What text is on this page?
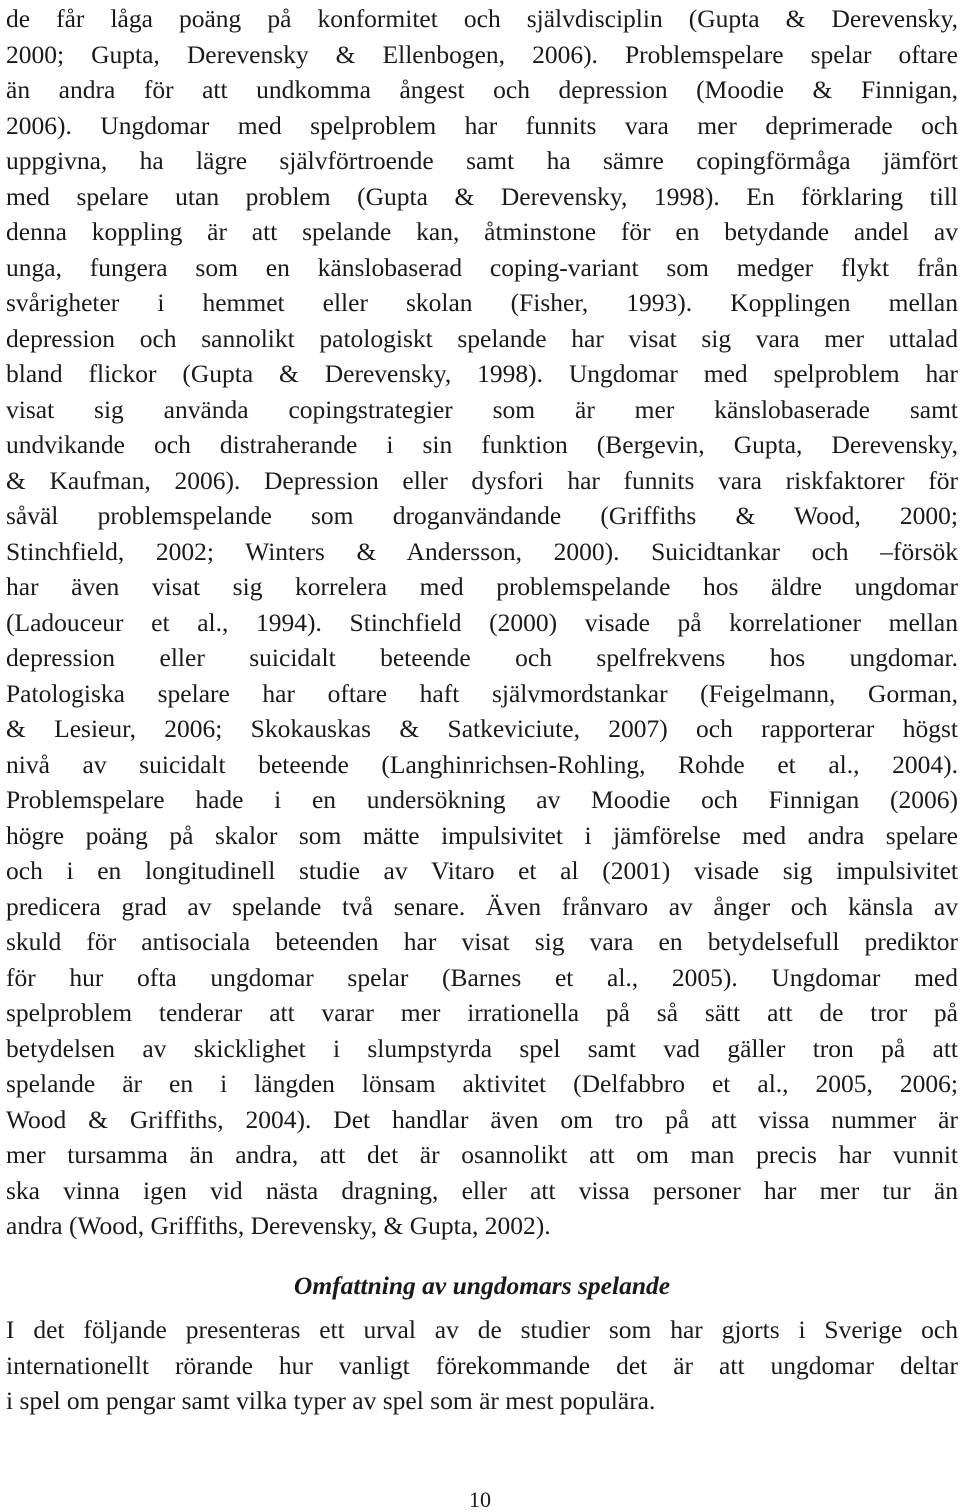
de får låga poäng på konformitet och självdisciplin (Gupta & Derevensky,
2000; Gupta, Derevensky & Ellenbogen, 2006). Problemspelare spelar oftare
än andra för att undkomma ångest och depression (Moodie & Finnigan,
2006). Ungdomar med spelproblem har funnits vara mer deprimerade och
uppgivna, ha lägre självförtroende samt ha sämre copingförmåga jämfört
med spelare utan problem (Gupta & Derevensky, 1998). En förklaring till
denna koppling är att spelande kan, åtminstone för en betydande andel av
unga, fungera som en känslobaserad coping-variant som medger flykt från
svårigheter i hemmet eller skolan (Fisher, 1993). Kopplingen mellan
depression och sannolikt patologiskt spelande har visat sig vara mer uttalad
bland flickor (Gupta & Derevensky, 1998). Ungdomar med spelproblem har
visat sig använda copingstrategier som är mer känslobaserade samt
undvikande och distraherande i sin funktion (Bergevin, Gupta, Derevensky,
& Kaufman, 2006). Depression eller dysfori har funnits vara riskfaktorer för
såväl problemspelande som droganvändande (Griffiths & Wood, 2000;
Stinchfield, 2002; Winters & Andersson, 2000). Suicidtankar och –försök
har även visat sig korrelera med problemspelande hos äldre ungdomar
(Ladouceur et al., 1994). Stinchfield (2000) visade på korrelationer mellan
depression eller suicidalt beteende och spelfrekvens hos ungdomar.
Patologiska spelare har oftare haft självmordstankar (Feigelmann, Gorman,
& Lesieur, 2006; Skokauskas & Satkeviciute, 2007) och rapporterar högst
nivå av suicidalt beteende (Langhinrichsen-Rohling, Rohde et al., 2004).
Problemspelare hade i en undersökning av Moodie och Finnigan (2006)
högre poäng på skalor som mätte impulsivitet i jämförelse med andra spelare
och i en longitudinell studie av Vitaro et al (2001) visade sig impulsivitet
predicera grad av spelande två senare. Även frånvaro av ånger och känsla av
skuld för antisociala beteenden har visat sig vara en betydelsefull prediktor
för hur ofta ungdomar spelar (Barnes et al., 2005). Ungdomar med
spelproblem tenderar att varar mer irrationella på så sätt att de tror på
betydelsen av skicklighet i slumpstyrda spel samt vad gäller tron på att
spelande är en i längden lönsam aktivitet (Delfabbro et al., 2005, 2006;
Wood & Griffiths, 2004). Det handlar även om tro på att vissa nummer är
mer tursamma än andra, att det är osannolikt att om man precis har vunnit
ska vinna igen vid nästa dragning, eller att vissa personer har mer tur än
andra (Wood, Griffiths, Derevensky, & Gupta, 2002).
Omfattning av ungdomars spelande
I det följande presenteras ett urval av de studier som har gjorts i Sverige och
internationellt rörande hur vanligt förekommande det är att ungdomar deltar
i spel om pengar samt vilka typer av spel som är mest populära.
10
